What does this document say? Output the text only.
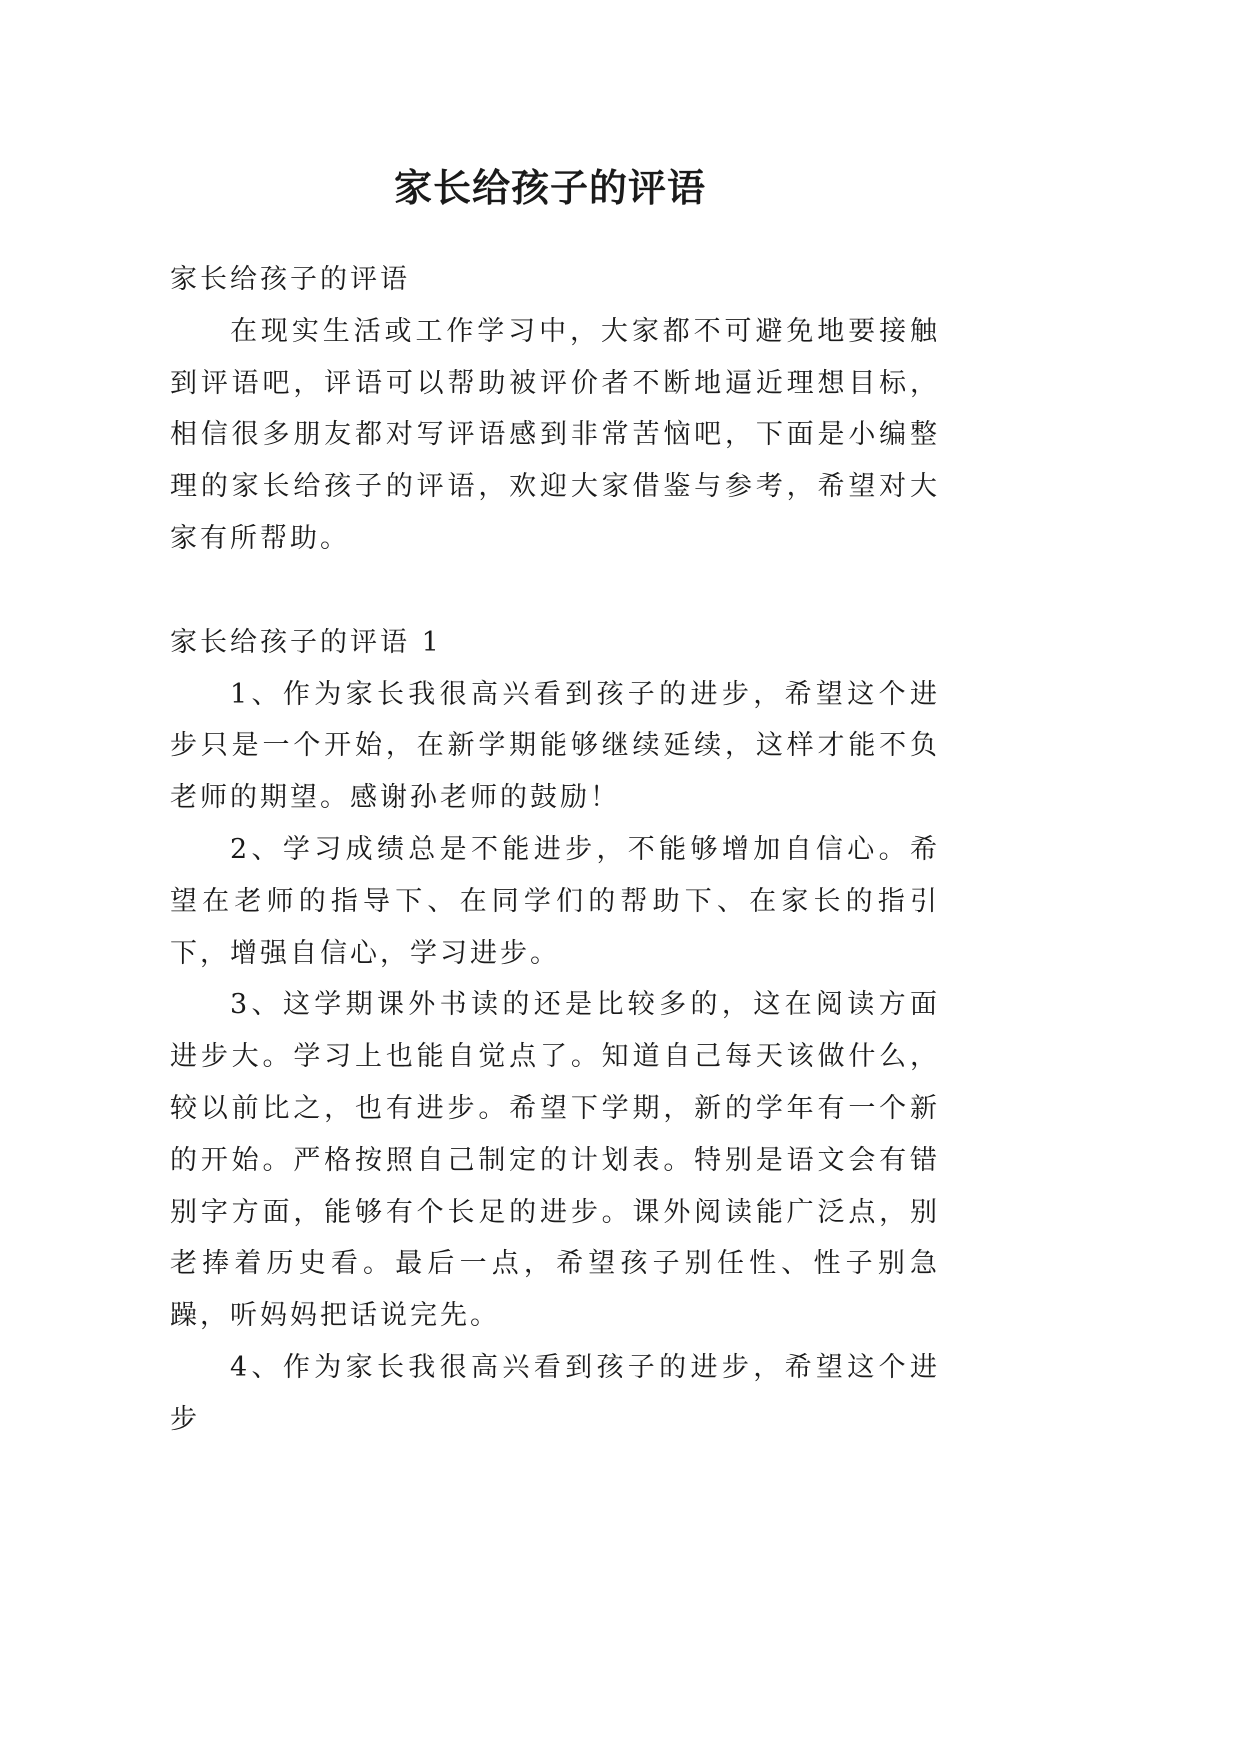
家长给孩子的评语

家长给孩子的评语

在现实生活或工作学习中，大家都不可避免地要接触到评语吧，评语可以帮助被评价者不断地逼近理想目标，相信很多朋友都对写评语感到非常苦恼吧，下面是小编整理的家长给孩子的评语，欢迎大家借鉴与参考，希望对大家有所帮助。

家长给孩子的评语 1

1、作为家长我很高兴看到孩子的进步，希望这个进步只是一个开始，在新学期能够继续延续，这样才能不负老师的期望。感谢孙老师的鼓励！

2、学习成绩总是不能进步，不能够增加自信心。希望在老师的指导下、在同学们的帮助下、在家长的指引下，增强自信心，学习进步。

3、这学期课外书读的还是比较多的，这在阅读方面进步大。学习上也能自觉点了。知道自己每天该做什么，较以前比之，也有进步。希望下学期，新的学年有一个新的开始。严格按照自己制定的计划表。特别是语文会有错别字方面，能够有个长足的进步。课外阅读能广泛点，别老捧着历史看。最后一点，希望孩子别任性、性子别急躁，听妈妈把话说完先。

4、作为家长我很高兴看到孩子的进步，希望这个进步
